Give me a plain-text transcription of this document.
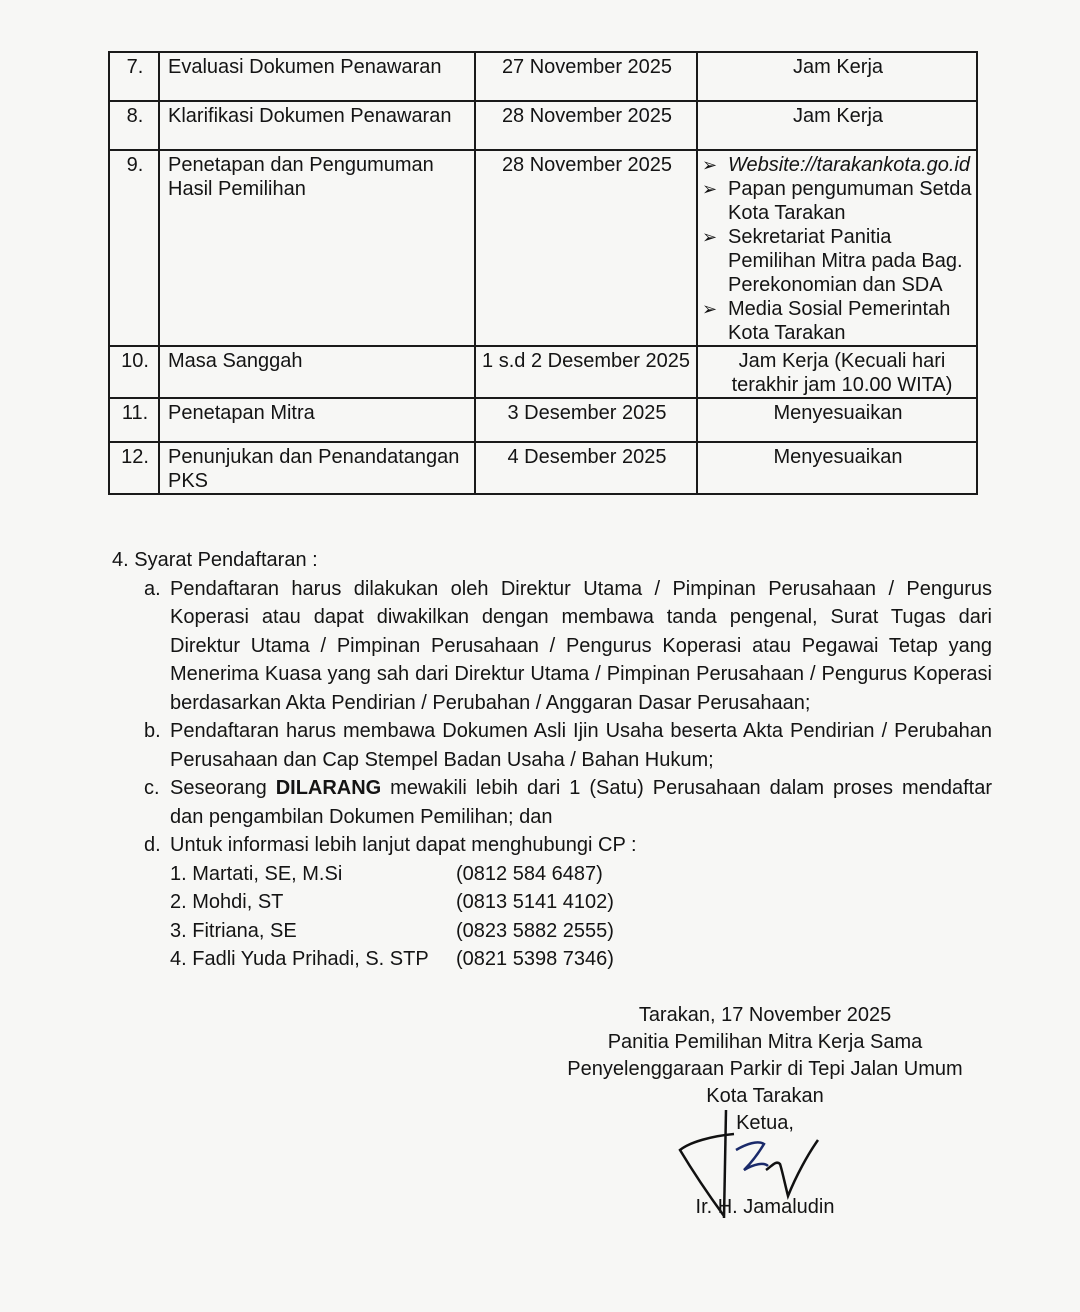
7.	Evaluasi Dokumen Penawaran	27 November 2025	Jam Kerja
8.	Klarifikasi Dokumen Penawaran	28 November 2025	Jam Kerja
9.	Penetapan dan Pengumuman Hasil Pemilihan	28 November 2025	➢ Website://tarakankota.go.id
➢ Papan pengumuman Setda Kota Tarakan
➢ Sekretariat Panitia Pemilihan Mitra pada Bag. Perekonomian dan SDA
➢ Media Sosial Pemerintah Kota Tarakan

10.	Masa Sanggah	1 s.d 2 Desember 2025	Jam Kerja (Kecuali hari terakhir jam 10.00 WITA)
11.	Penetapan Mitra	3 Desember 2025	Menyesuaikan
12.	Penunjukan dan Penandatangan PKS	4 Desember 2025	Menyesuaikan
4. Syarat Pendaftaran :
a. Pendaftaran harus dilakukan oleh Direktur Utama / Pimpinan Perusahaan / Pengurus Koperasi atau dapat diwakilkan dengan membawa tanda pengenal, Surat Tugas dari Direktur Utama / Pimpinan Perusahaan / Pengurus Koperasi atau Pegawai Tetap yang Menerima Kuasa yang sah dari Direktur Utama / Pimpinan Perusahaan / Pengurus Koperasi berdasarkan Akta Pendirian / Perubahan / Anggaran Dasar Perusahaan;
b. Pendaftaran harus membawa Dokumen Asli Ijin Usaha beserta Akta Pendirian / Perubahan Perusahaan dan Cap Stempel Badan Usaha / Bahan Hukum;
c. Seseorang DILARANG mewakili lebih dari 1 (Satu) Perusahaan dalam proses mendaftar dan pengambilan Dokumen Pemilihan; dan
d. Untuk informasi lebih lanjut dapat menghubungi CP :
1. Martati, SE, M.Si	(0812 584 6487)
2. Mohdi, ST	(0813 5141 4102)
3. Fitriana, SE	(0823 5882 2555)
4. Fadli Yuda Prihadi, S. STP	(0821 5398 7346)
Tarakan, 17 November 2025
Panitia Pemilihan Mitra Kerja Sama
Penyelenggaraan Parkir di Tepi Jalan Umum
Kota Tarakan
Ketua,
Ir. H. Jamaludin
